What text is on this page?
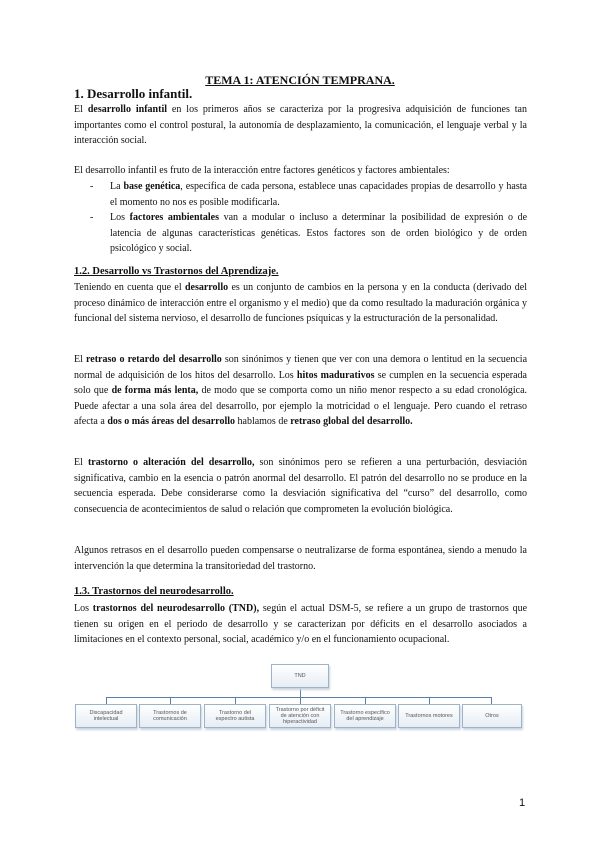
TEMA 1: ATENCIÓN TEMPRANA.
1. Desarrollo infantil.
El desarrollo infantil en los primeros años se caracteriza por la progresiva adquisición de funciones tan importantes como el control postural, la autonomía de desplazamiento, la comunicación, el lenguaje verbal y la interacción social.
El desarrollo infantil es fruto de la interacción entre factores genéticos y factores ambientales:
- La base genética, específica de cada persona, establece unas capacidades propias de desarrollo y hasta el momento no nos es posible modificarla.
- Los factores ambientales van a modular o incluso a determinar la posibilidad de expresión o de latencia de algunas características genéticas. Estos factores son de orden biológico y de orden psicológico y social.
1.2. Desarrollo vs Trastornos del Aprendizaje.
Teniendo en cuenta que el desarrollo es un conjunto de cambios en la persona y en la conducta (derivado del proceso dinámico de interacción entre el organismo y el medio) que da como resultado la maduración orgánica y funcional del sistema nervioso, el desarrollo de funciones psíquicas y la estructuración de la personalidad.
El retraso o retardo del desarrollo son sinónimos y tienen que ver con una demora o lentitud en la secuencia normal de adquisición de los hitos del desarrollo. Los hitos madurativos se cumplen en la secuencia esperada solo que de forma más lenta, de modo que se comporta como un niño menor respecto a su edad cronológica. Puede afectar a una sola área del desarrollo, por ejemplo la motricidad o el lenguaje. Pero cuando el retraso afecta a dos o más áreas del desarrollo hablamos de retraso global del desarrollo.
El trastorno o alteración del desarrollo, son sinónimos pero se refieren a una perturbación, desviación significativa, cambio en la esencia o patrón anormal del desarrollo. El patrón del desarrollo no se produce en la secuencia esperada. Debe considerarse como la desviación significativa del “curso” del desarrollo, como consecuencia de acontecimientos de salud o relación que comprometen la evolución biológica.
Algunos retrasos en el desarrollo pueden compensarse o neutralizarse de forma espontánea, siendo a menudo la intervención la que determina la transitoriedad del trastorno.
1.3. Trastornos del neurodesarrollo.
Los trastornos del neurodesarrollo (TND), según el actual DSM-5, se refiere a un grupo de trastornos que tienen su origen en el periodo de desarrollo y se caracterizan por déficits en el desarrollo asociados a limitaciones en el contexto personal, social, académico y/o en el funcionamiento ocupacional.
TND
Discapacidad intelectual
Trastornos de comunicación
Trastorno del espectro autista
Trastorno por déficit de atención con hiperactividad
Trastorno específico del aprendizaje	Trastornos motores	Otros
1
